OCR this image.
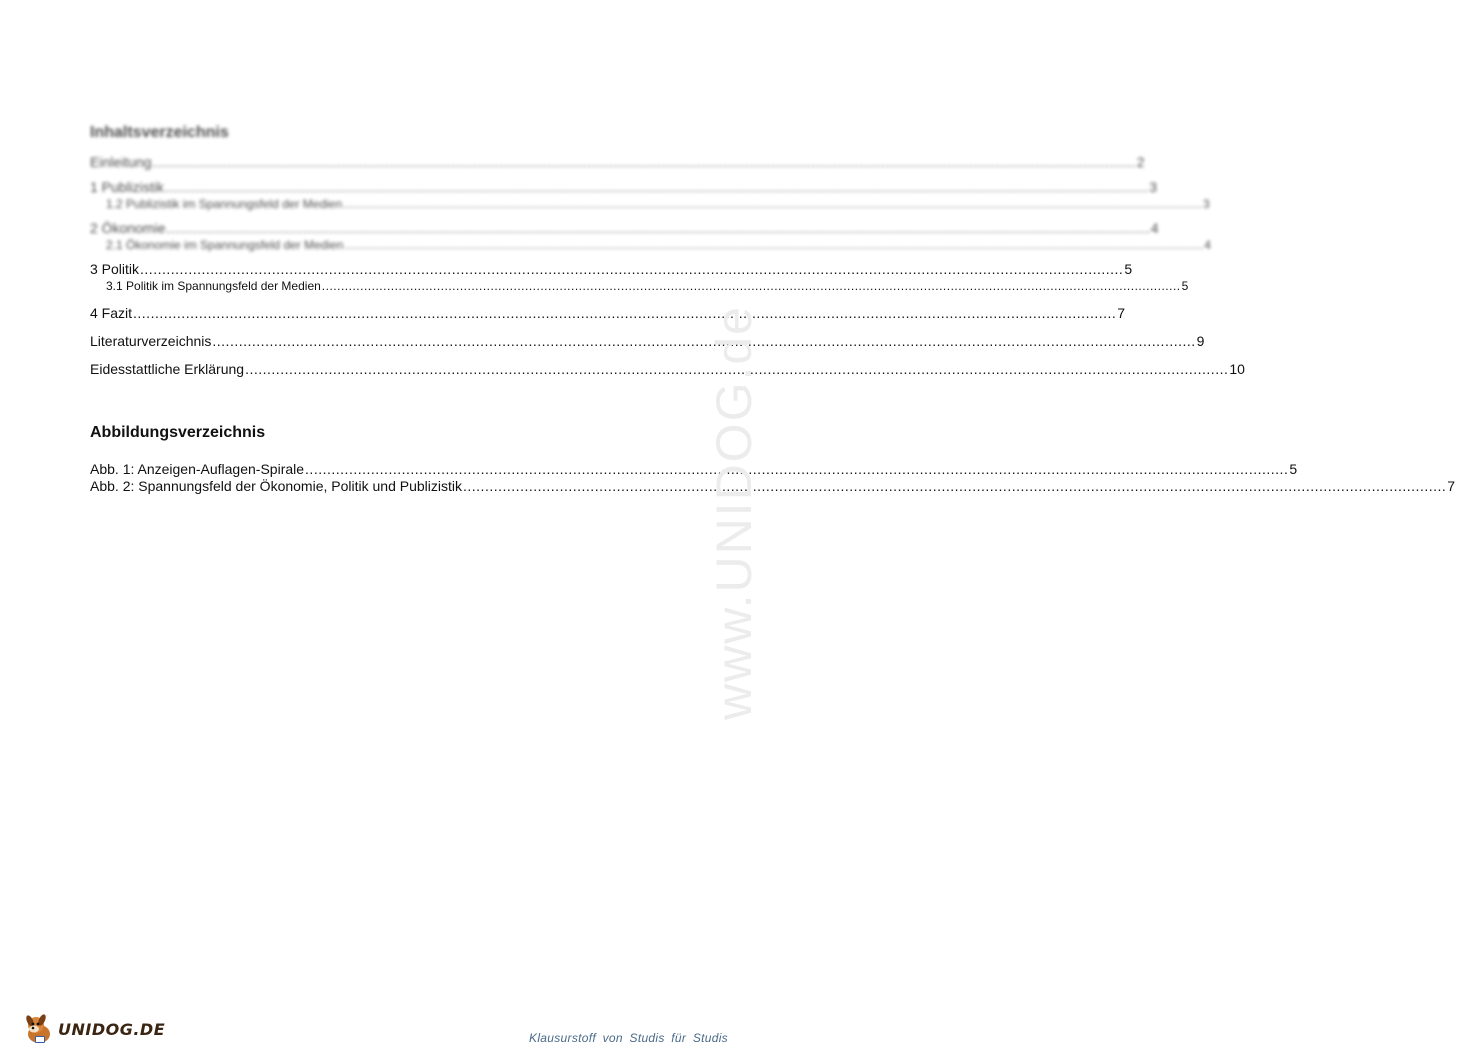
Inhaltsverzeichnis
Einleitung .....	2
1 Publizistik .....	3
1.2 Publizistik im Spannungsfeld der Medien .....	3
2 Ökonomie .....	4
2.1 Ökonomie im Spannungsfeld der Medien .....	4
3 Politik .....	5
3.1 Politik im Spannungsfeld der Medien .....	5
4 Fazit .....	7
Literaturverzeichnis .....	9
Eidesstattliche Erklärung .....	10
Abbildungsverzeichnis
Abb. 1: Anzeigen-Auflagen-Spirale .....	5
Abb. 2: Spannungsfeld der Ökonomie, Politik und Publizistik .....	7
www.UNIDOG.de
UNIDOG.DE	Klausurstoff von Studis für Studis
